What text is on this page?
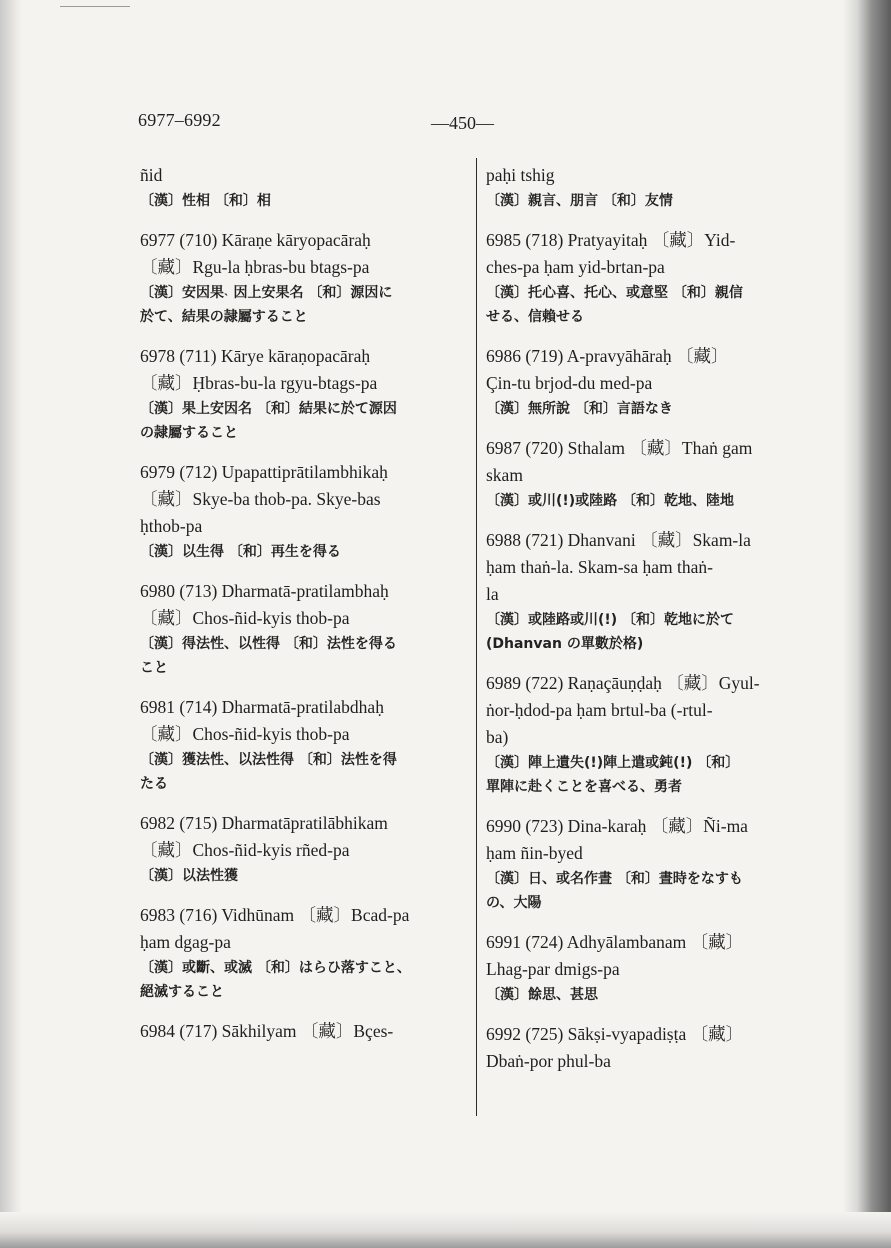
6977–6992	—450—
ñid
〔漢〕性相 〔和〕相
6977 (710) Kāraṇe kāryopacāraḥ
〔藏〕Rgu-la ḥbras-bu btags-pa
〔漢〕安因果˴ 因上安果名 〔和〕源因に
於て、結果の隷屬すること
6978 (711) Kārye kāraṇopacāraḥ
〔藏〕Ḥbras-bu-la rgyu-btags-pa
〔漢〕果上安因名 〔和〕結果に於て源因
の隷屬すること
6979 (712) Upapattiprātilambhikaḥ
〔藏〕Skye-ba thob-pa. Skye-bas
ḥthob-pa
〔漢〕以生得 〔和〕再生を得る
6980 (713) Dharmatā-pratilambhaḥ
〔藏〕Chos-ñid-kyis thob-pa
〔漢〕得法性、以性得 〔和〕法性を得る
こと
6981 (714) Dharmatā-pratilabdhaḥ
〔藏〕Chos-ñid-kyis thob-pa
〔漢〕獲法性、以法性得 〔和〕法性を得
たる
6982 (715) Dharmatāpratilābhikam
〔藏〕Chos-ñid-kyis rñed-pa
〔漢〕以法性獲
6983 (716) Vidhūnam 〔藏〕Bcad-pa
ḥam dgag-pa
〔漢〕或斷、或滅 〔和〕はらひ落すこと、
絕滅すること
6984 (717) Sākhilyam 〔藏〕Bçes-
paḥi tshig
〔漢〕親言、朋言 〔和〕友情
6985 (718) Pratyayitaḥ 〔藏〕Yid-
ches-pa ḥam yid-brtan-pa
〔漢〕托心喜、托心、或意堅 〔和〕親信
せる、信賴せる
6986 (719) A-pravyāhāraḥ 〔藏〕
Çin-tu brjod-du med-pa
〔漢〕無所說 〔和〕言語なき
6987 (720) Sthalam 〔藏〕Thaṅ gam
skam
〔漢〕或川(!)或陸路 〔和〕乾地、陸地
6988 (721) Dhanvani 〔藏〕Skam-la
ḥam thaṅ-la. Skam-sa ḥam thaṅ-
la
〔漢〕或陸路或川(!) 〔和〕乾地に於て
(Dhanvan の單數於格)
6989 (722) Raṇaçāuṇḍaḥ 〔藏〕Gyul-
ṅor-ḥdod-pa ḥam brtul-ba (-rtul-
ba)
〔漢〕陣上遺失(!)陣上遣或鈍(!) 〔和〕
單陣に赴くことを喜べる、勇者
6990 (723) Dina-karaḥ 〔藏〕Ñi-ma
ḥam ñin-byed
〔漢〕日、或名作晝 〔和〕晝時をなすも
の、大陽
6991 (724) Adhyālambanam 〔藏〕
Lhag-par dmigs-pa
〔漢〕餘思、甚思
6992 (725) Sākṣi-vyapadiṣṭa 〔藏〕
Dbaṅ-por phul-ba
